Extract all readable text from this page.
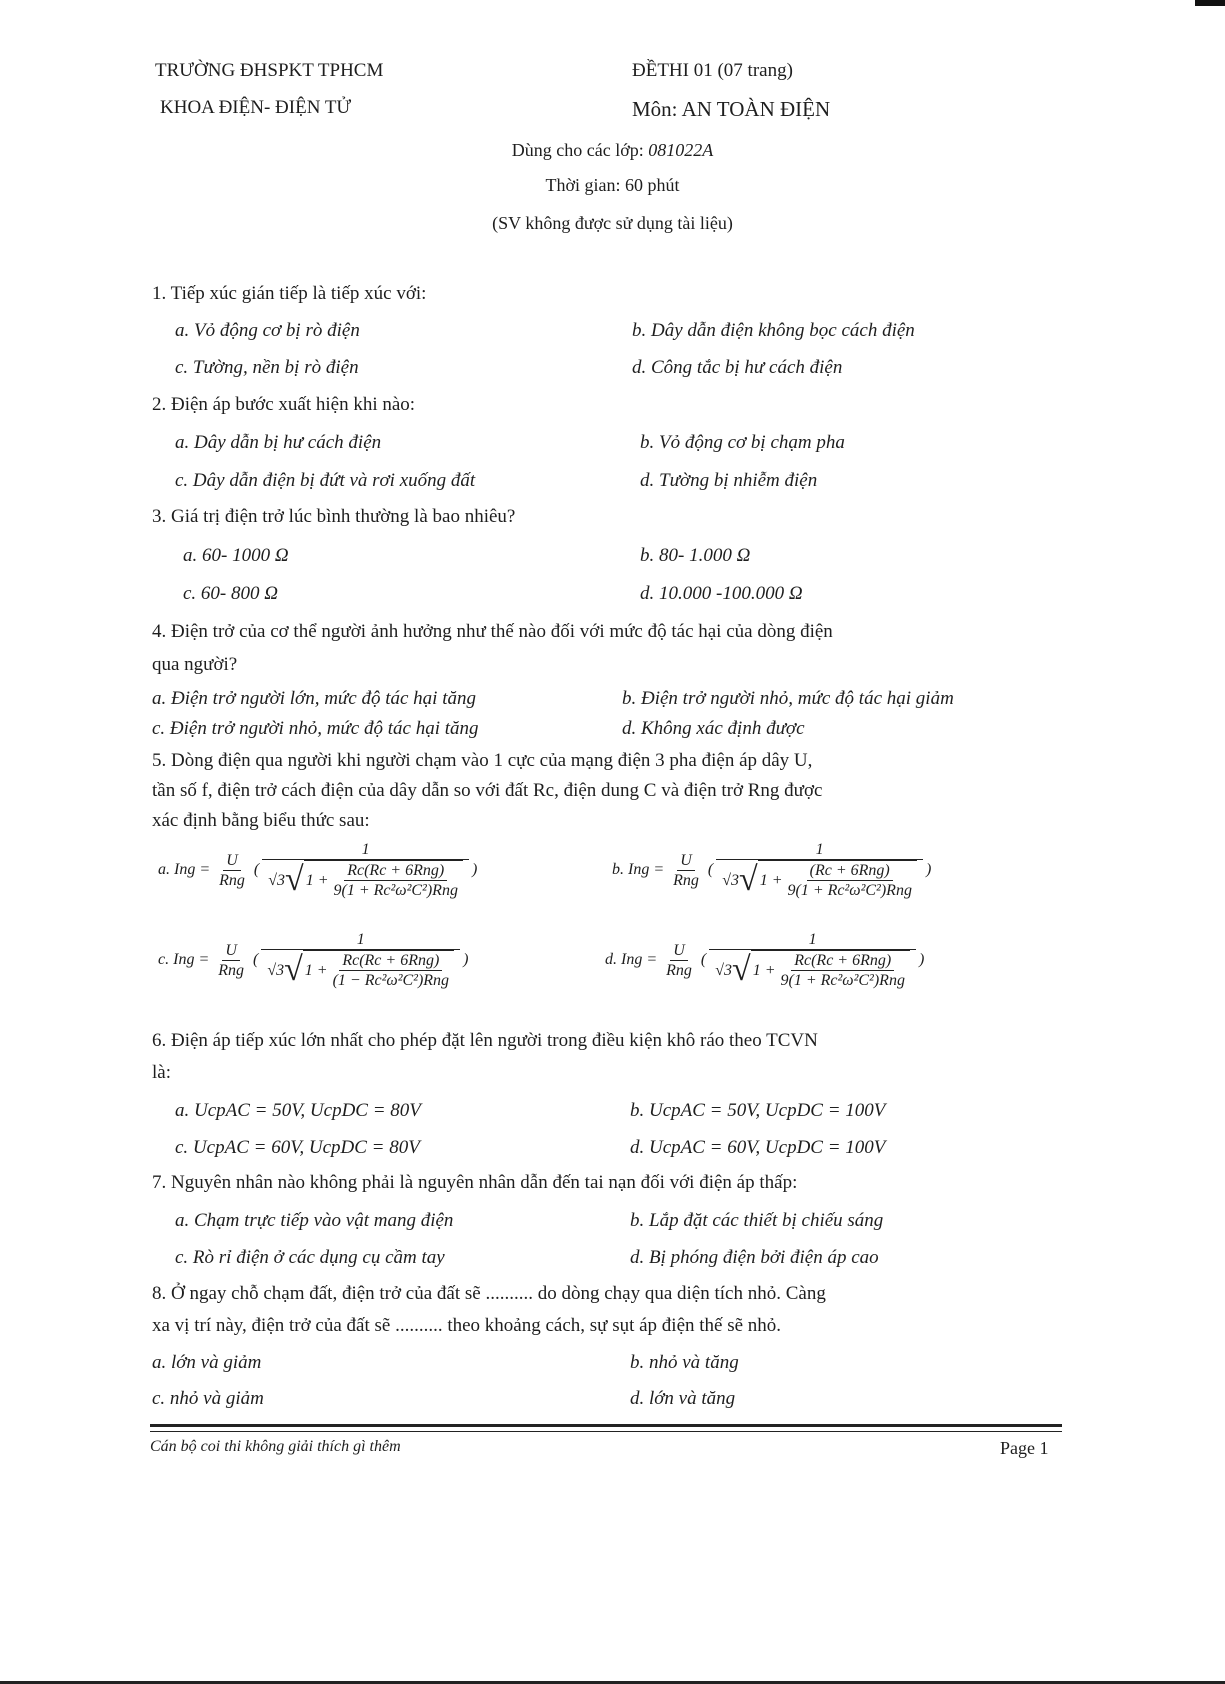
TRƯỜNG ĐHSPKT TPHCM
KHOA ĐIỆN- ĐIỆN TỬ
ĐỀTHI 01 (07 trang)
Môn: AN TOÀN ĐIỆN
Dùng cho các lớp: 081022A
Thời gian: 60 phút
(SV không được sử dụng tài liệu)
1. Tiếp xúc gián tiếp là tiếp xúc với:
a. Vỏ động cơ bị rò điện	b. Dây dẫn điện không bọc cách điện
c. Tường, nền bị rò điện	d. Công tắc bị hư cách điện
2. Điện áp bước xuất hiện khi nào:
a. Dây dẫn bị hư cách điện	b. Vỏ động cơ bị chạm pha
c. Dây dẫn điện bị đứt và rơi xuống đất	d. Tường bị nhiễm điện
3. Giá trị điện trở lúc bình thường là bao nhiêu?
a. 60- 1000 Ω	b. 80- 1.000 Ω
c. 60- 800 Ω	d. 10.000 -100.000 Ω
4. Điện trở của cơ thể người ảnh hưởng như thế nào đối với mức độ tác hại của dòng điện
qua người?
a. Điện trở người lớn, mức độ tác hại tăng	b. Điện trở người nhỏ, mức độ tác hại giảm
c. Điện trở người nhỏ, mức độ tác hại tăng	d. Không xác định được
5. Dòng điện qua người khi người chạm vào 1 cực của mạng điện 3 pha điện áp dây U,
tần số f, điện trở cách điện của dây dẫn so với đất Rc, điện dung C và điện trở Rng được
xác định bằng biểu thức sau:
a. Ing = $\frac{U}{\text{Rng}}$ ( $\frac{1}{√3 √ 1 + \frac{\text{Rc(Rc + 6Rng)}}{\text{9(1 + Rc²ω²C²)Rng}}}$ )	b. Ing = $\frac{U}{\text{Rng}}$ ( $\frac{1}{√3 √ 1 + \frac{\text{(Rc + 6Rng)}}{\text{9(1 + Rc²ω²C²)Rng}}}$ )
c. Ing = $\frac{U}{\text{Rng}}$ ( $\frac{1}{√3 √ 1 + \frac{\text{Rc(Rc + 6Rng)}}{\text{(1 − Rc²ω²C²)Rng}}}$ )	d. Ing = $\frac{U}{\text{Rng}}$ ( $\frac{1}{√3 √ 1 + \frac{\text{Rc(Rc + 6Rng)}}{\text{9(1 + Rc²ω²C²)Rng}}}$ )
6. Điện áp tiếp xúc lớn nhất cho phép đặt lên người trong điều kiện khô ráo theo TCVN
là:
a. UcpAC = 50V, UcpDC = 80V	b. UcpAC = 50V, UcpDC = 100V
c. UcpAC = 60V, UcpDC = 80V	d. UcpAC = 60V, UcpDC = 100V
7. Nguyên nhân nào không phải là nguyên nhân dẫn đến tai nạn đối với điện áp thấp:
a. Chạm trực tiếp vào vật mang điện	b. Lắp đặt các thiết bị chiếu sáng
c. Rò rỉ điện ở các dụng cụ cầm tay	d. Bị phóng điện bởi điện áp cao
8. Ở ngay chỗ chạm đất, điện trở của đất sẽ .......... do dòng chạy qua diện tích nhỏ. Càng
xa vị trí này, điện trở của đất sẽ .......... theo khoảng cách, sự sụt áp điện thế sẽ nhỏ.
a. lớn và giảm	b. nhỏ và tăng
c. nhỏ và giảm	d. lớn và tăng
Cán bộ coi thi không giải thích gì thêm	Page 1
